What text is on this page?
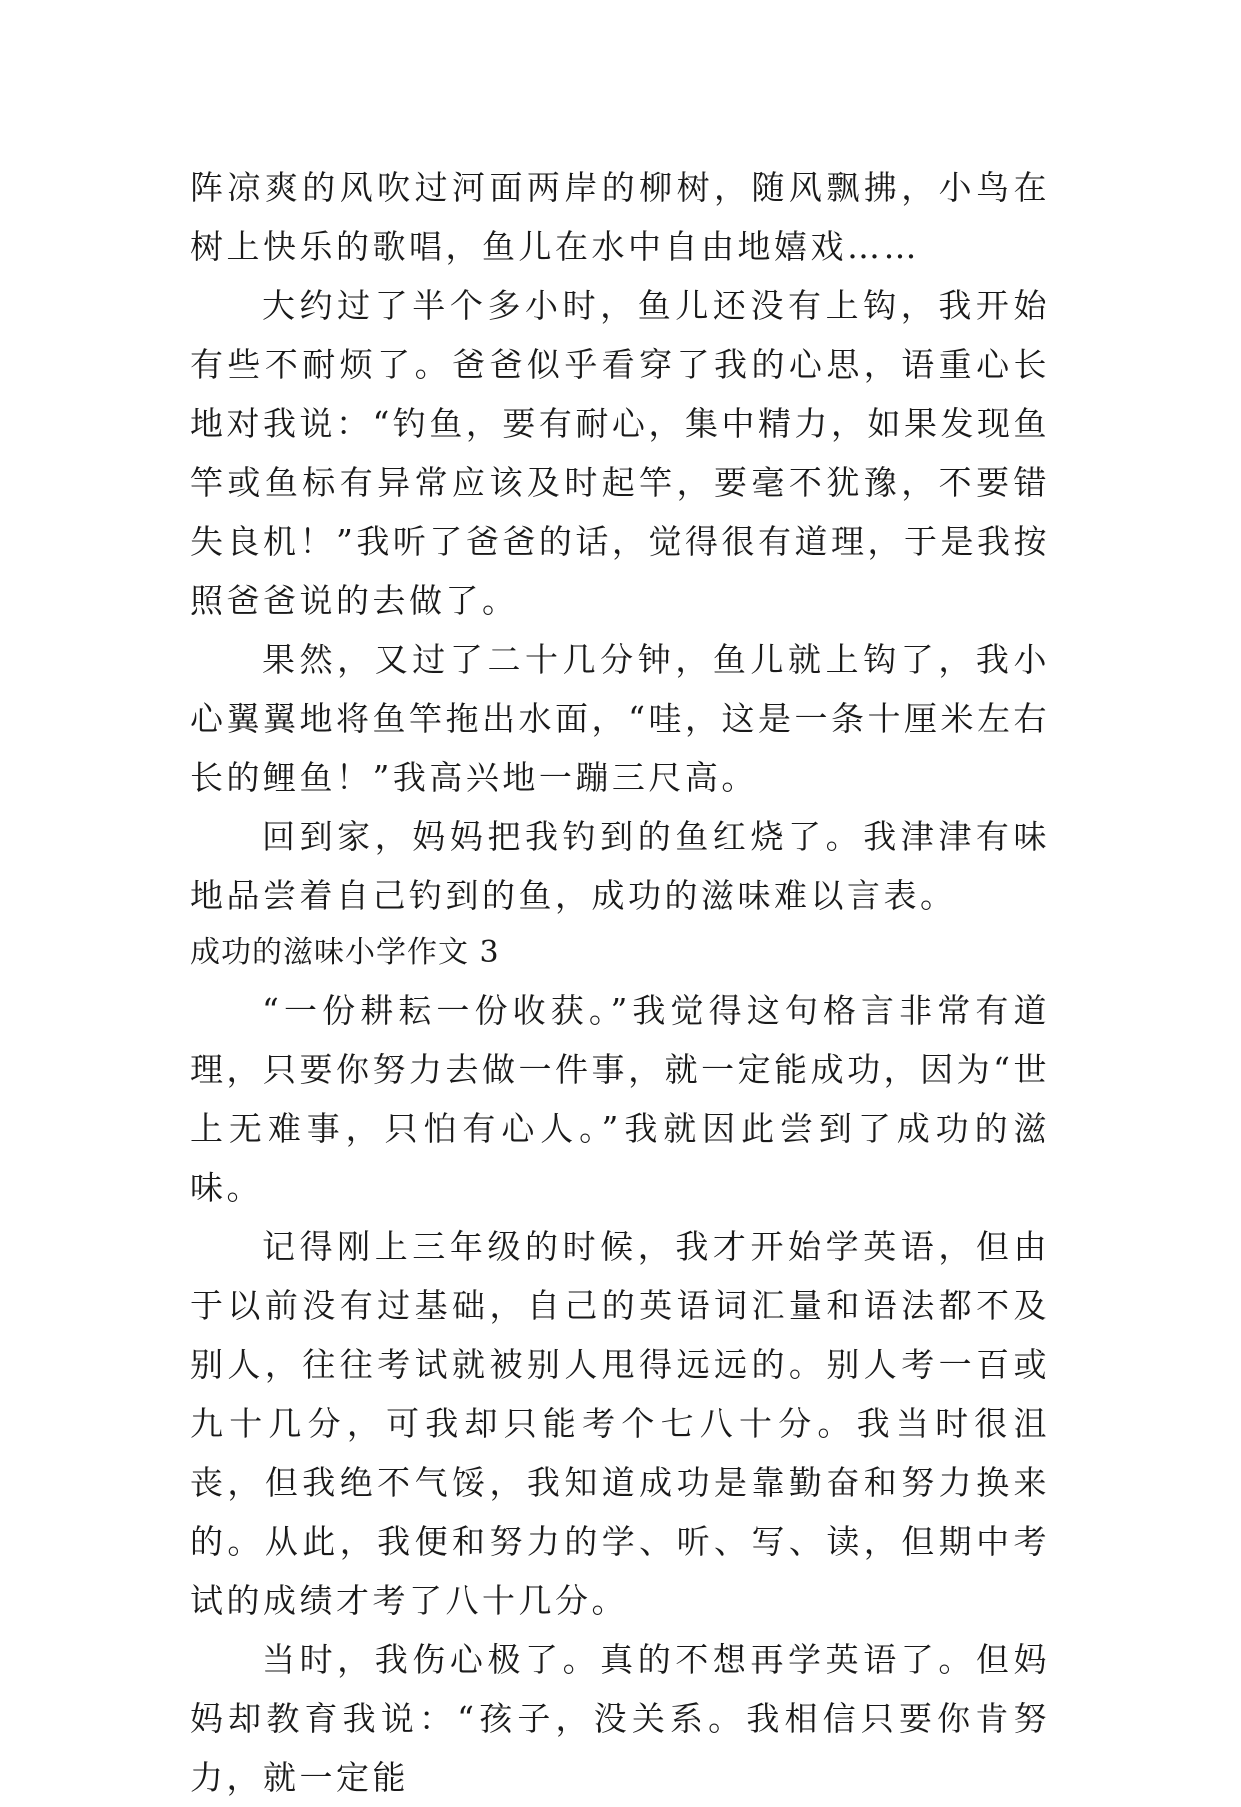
阵凉爽的风吹过河面两岸的柳树，随风飘拂，小鸟在树上快乐的歌唱，鱼儿在水中自由地嬉戏……

大约过了半个多小时，鱼儿还没有上钩，我开始有些不耐烦了。爸爸似乎看穿了我的心思，语重心长地对我说：“钓鱼，要有耐心，集中精力，如果发现鱼竿或鱼标有异常应该及时起竿，要毫不犹豫，不要错失良机！”我听了爸爸的话，觉得很有道理，于是我按照爸爸说的去做了。

果然，又过了二十几分钟，鱼儿就上钩了，我小心翼翼地将鱼竿拖出水面，“哇，这是一条十厘米左右长的鲤鱼！”我高兴地一蹦三尺高。

回到家，妈妈把我钓到的鱼红烧了。我津津有味地品尝着自己钓到的鱼，成功的滋味难以言表。

成功的滋味小学作文 3

“一份耕耘一份收获。”我觉得这句格言非常有道理，只要你努力去做一件事，就一定能成功，因为“世上无难事，只怕有心人。”我就因此尝到了成功的滋味。

记得刚上三年级的时候，我才开始学英语，但由于以前没有过基础，自己的英语词汇量和语法都不及别人，往往考试就被别人甩得远远的。别人考一百或九十几分，可我却只能考个七八十分。我当时很沮丧，但我绝不气馁，我知道成功是靠勤奋和努力换来的。从此，我便和努力的学、听、写、读，但期中考试的成绩才考了八十几分。

当时，我伤心极了。真的不想再学英语了。但妈妈却教育我说：“孩子，没关系。我相信只要你肯努力，就一定能
